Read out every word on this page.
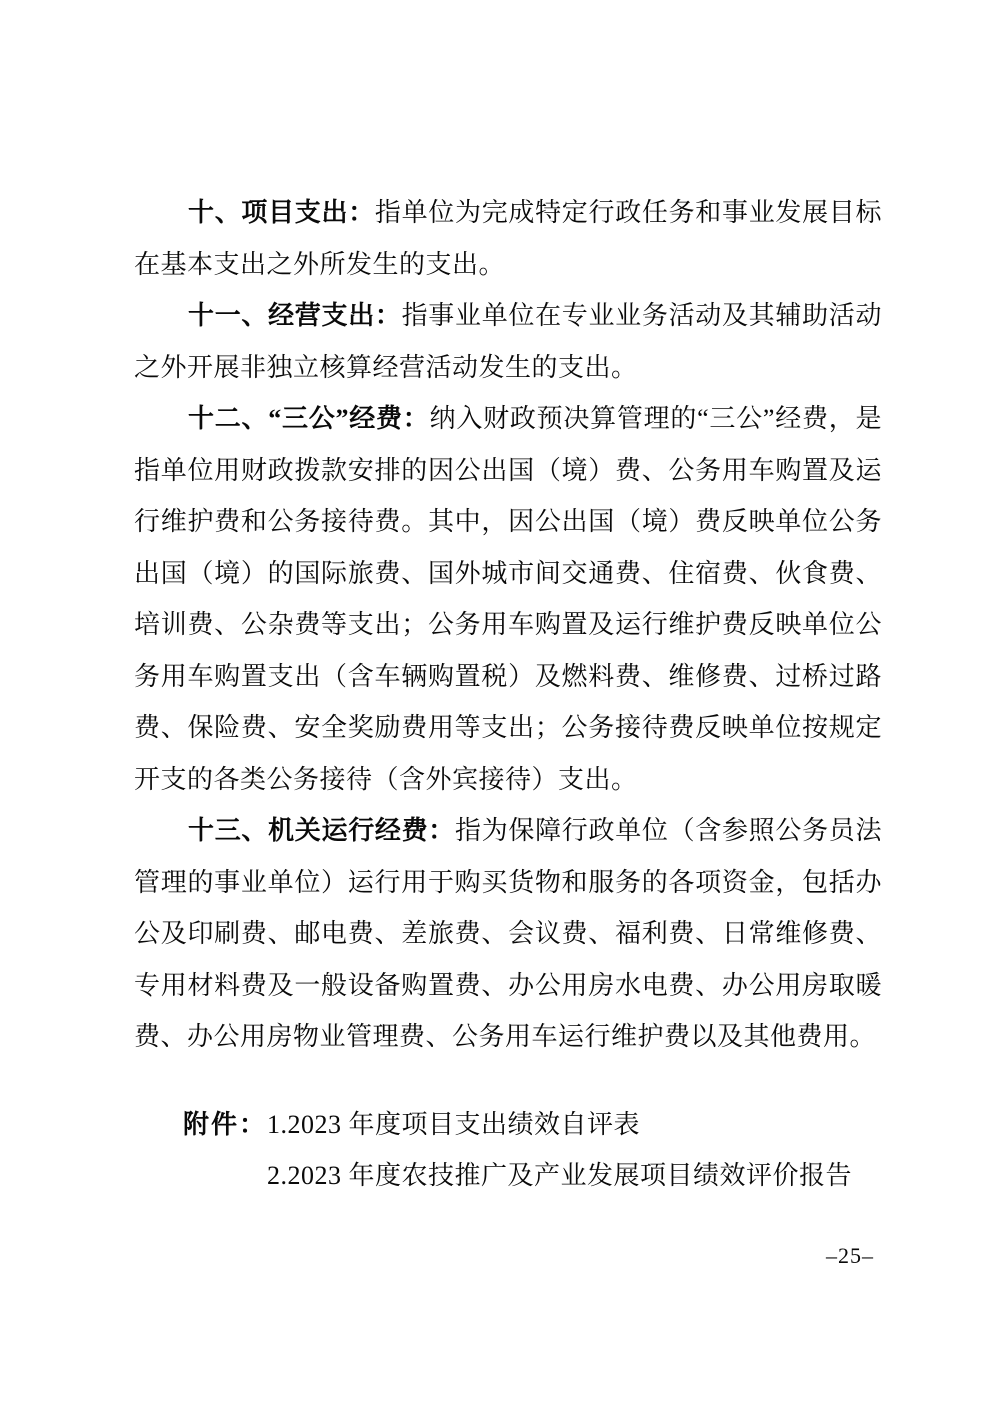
十、项目支出：指单位为完成特定行政任务和事业发展目标在基本支出之外所发生的支出。

十一、经营支出：指事业单位在专业业务活动及其辅助活动之外开展非独立核算经营活动发生的支出。

十二、“三公”经费：纳入财政预决算管理的“三公”经费，是指单位用财政拨款安排的因公出国（境）费、公务用车购置及运行维护费和公务接待费。其中，因公出国（境）费反映单位公务出国（境）的国际旅费、国外城市间交通费、住宿费、伙食费、培训费、公杂费等支出；公务用车购置及运行维护费反映单位公务用车购置支出（含车辆购置税）及燃料费、维修费、过桥过路费、保险费、安全奖励费用等支出；公务接待费反映单位按规定开支的各类公务接待（含外宾接待）支出。

十三、机关运行经费：指为保障行政单位（含参照公务员法管理的事业单位）运行用于购买货物和服务的各项资金，包括办公及印刷费、邮电费、差旅费、会议费、福利费、日常维修费、专用材料费及一般设备购置费、办公用房水电费、办公用房取暖费、办公用房物业管理费、公务用车运行维护费以及其他费用。

附件： 1.2023 年度项目支出绩效自评表
2.2023 年度农技推广及产业发展项目绩效评价报告
–25–
